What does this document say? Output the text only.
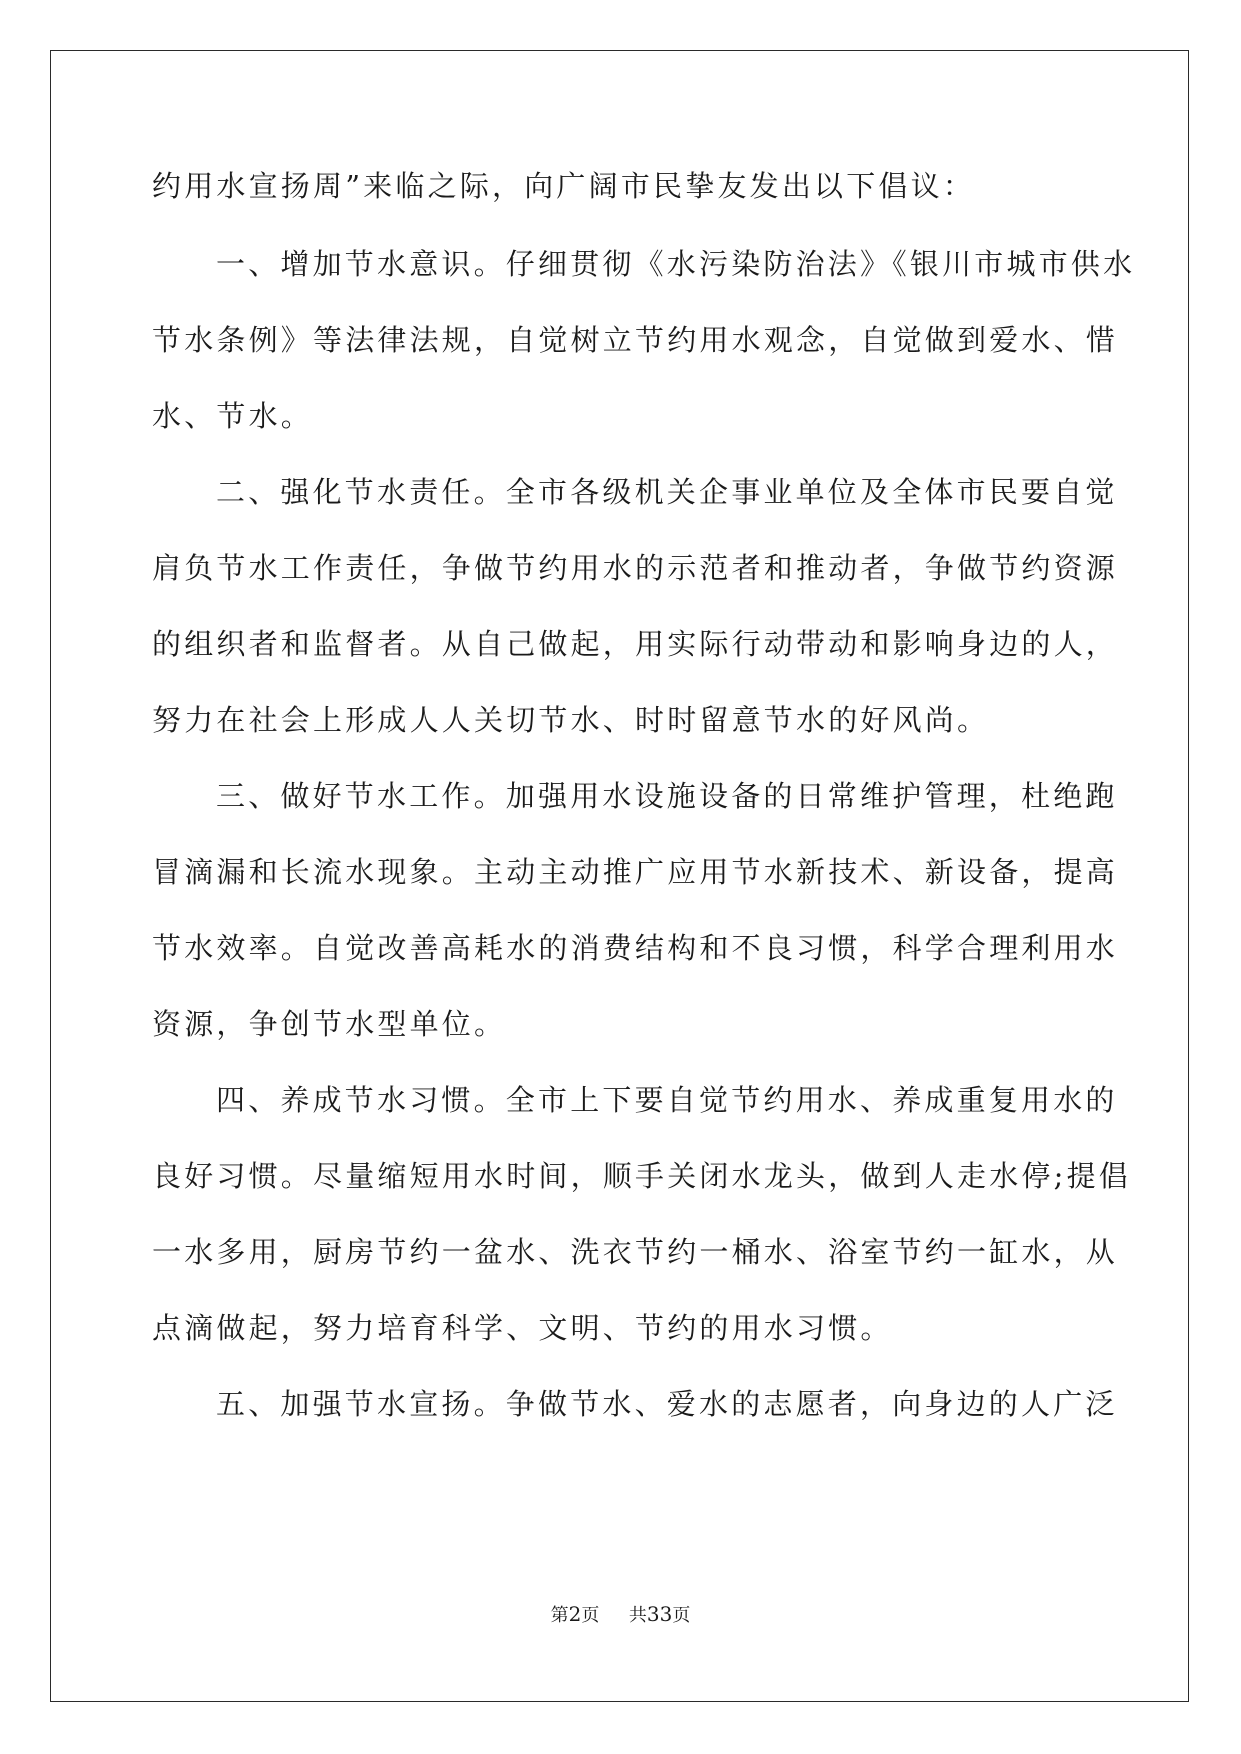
约用水宣扬周”来临之际，向广阔市民挚友发出以下倡议：
一、增加节水意识。仔细贯彻《水污染防治法》《银川市城市供水
节水条例》等法律法规，自觉树立节约用水观念，自觉做到爱水、惜
水、节水。
二、强化节水责任。全市各级机关企事业单位及全体市民要自觉
肩负节水工作责任，争做节约用水的示范者和推动者，争做节约资源
的组织者和监督者。从自己做起，用实际行动带动和影响身边的人，
努力在社会上形成人人关切节水、时时留意节水的好风尚。
三、做好节水工作。加强用水设施设备的日常维护管理，杜绝跑
冒滴漏和长流水现象。主动主动推广应用节水新技术、新设备，提高
节水效率。自觉改善高耗水的消费结构和不良习惯，科学合理利用水
资源，争创节水型单位。
四、养成节水习惯。全市上下要自觉节约用水、养成重复用水的
良好习惯。尽量缩短用水时间，顺手关闭水龙头，做到人走水停;提倡
一水多用，厨房节约一盆水、洗衣节约一桶水、浴室节约一缸水，从
点滴做起，努力培育科学、文明、节约的用水习惯。
五、加强节水宣扬。争做节水、爱水的志愿者，向身边的人广泛
第2页 共33页
